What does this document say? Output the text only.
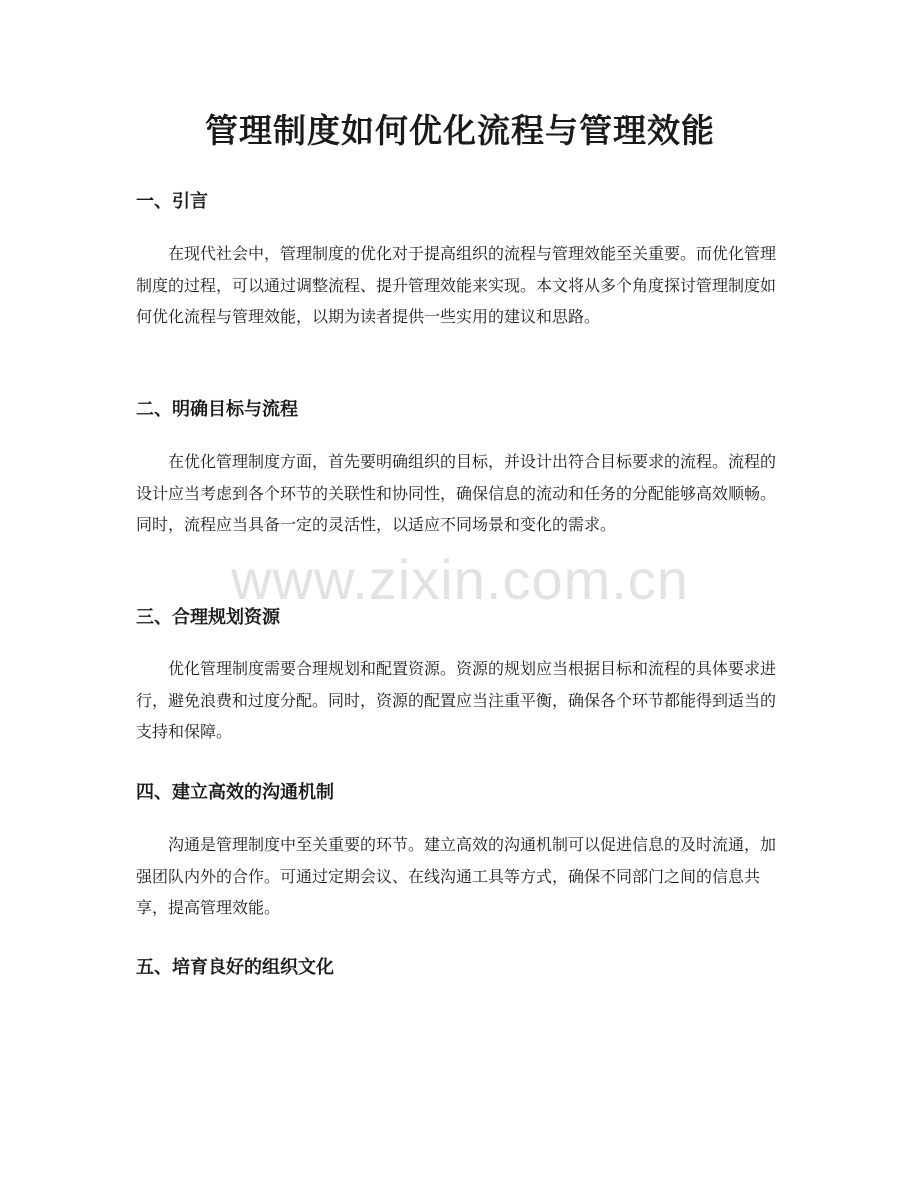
管理制度如何优化流程与管理效能
一、引言

在现代社会中，管理制度的优化对于提高组织的流程与管理效能至关重要。而优化管理制度的过程，可以通过调整流程、提升管理效能来实现。本文将从多个角度探讨管理制度如何优化流程与管理效能，以期为读者提供一些实用的建议和思路。

二、明确目标与流程

在优化管理制度方面，首先要明确组织的目标，并设计出符合目标要求的流程。流程的设计应当考虑到各个环节的关联性和协同性，确保信息的流动和任务的分配能够高效顺畅。同时，流程应当具备一定的灵活性，以适应不同场景和变化的需求。

三、合理规划资源

优化管理制度需要合理规划和配置资源。资源的规划应当根据目标和流程的具体要求进行，避免浪费和过度分配。同时，资源的配置应当注重平衡，确保各个环节都能得到适当的支持和保障。

四、建立高效的沟通机制

沟通是管理制度中至关重要的环节。建立高效的沟通机制可以促进信息的及时流通，加强团队内外的合作。可通过定期会议、在线沟通工具等方式，确保不同部门之间的信息共享，提高管理效能。

五、培育良好的组织文化

www.zixin.com.cn
